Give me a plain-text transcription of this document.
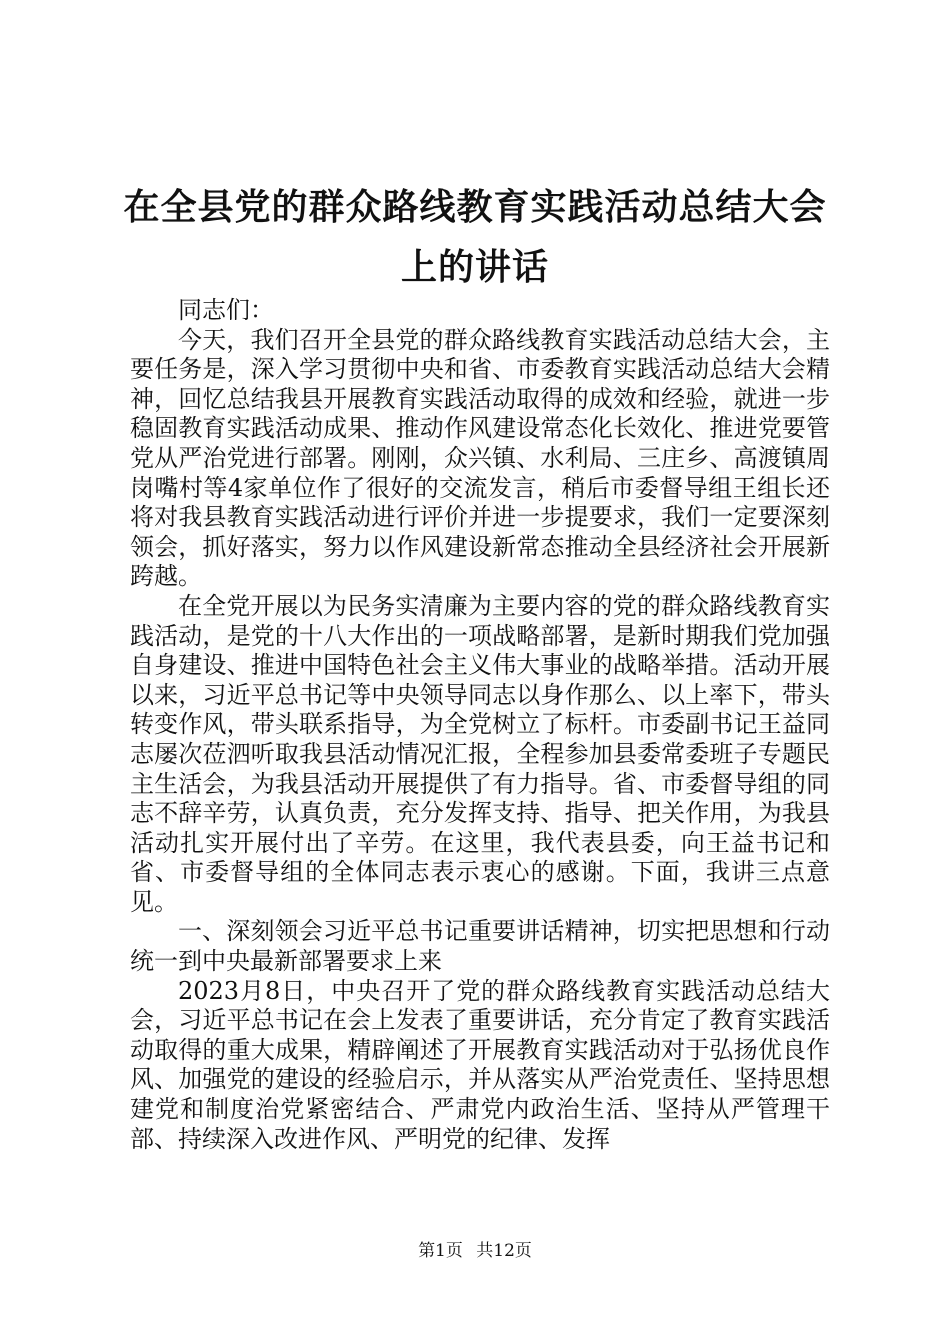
在全县党的群众路线教育实践活动总结大会上的讲话

同志们：

今天，我们召开全县党的群众路线教育实践活动总结大会，主要任务是，深入学习贯彻中央和省、市委教育实践活动总结大会精神，回忆总结我县开展教育实践活动取得的成效和经验，就进一步稳固教育实践活动成果、推动作风建设常态化长效化、推进党要管党从严治党进行部署。刚刚，众兴镇、水利局、三庄乡、高渡镇周岗嘴村等4家单位作了很好的交流发言，稍后市委督导组王组长还将对我县教育实践活动进行评价并进一步提要求，我们一定要深刻领会，抓好落实，努力以作风建设新常态推动全县经济社会开展新跨越。

在全党开展以为民务实清廉为主要内容的党的群众路线教育实践活动，是党的十八大作出的一项战略部署，是新时期我们党加强自身建设、推进中国特色社会主义伟大事业的战略举措。活动开展以来，习近平总书记等中央领导同志以身作那么、以上率下，带头转变作风，带头联系指导，为全党树立了标杆。市委副书记王益同志屡次莅泗听取我县活动情况汇报，全程参加县委常委班子专题民主生活会，为我县活动开展提供了有力指导。省、市委督导组的同志不辞辛劳，认真负责，充分发挥支持、指导、把关作用，为我县活动扎实开展付出了辛劳。在这里，我代表县委，向王益书记和省、市委督导组的全体同志表示衷心的感谢。下面，我讲三点意见。

一、深刻领会习近平总书记重要讲话精神，切实把思想和行动统一到中央最新部署要求上来

2023月8日，中央召开了党的群众路线教育实践活动总结大会，习近平总书记在会上发表了重要讲话，充分肯定了教育实践活动取得的重大成果，精辟阐述了开展教育实践活动对于弘扬优良作风、加强党的建设的经验启示，并从落实从严治党责任、坚持思想建党和制度治党紧密结合、严肃党内政治生活、坚持从严管理干部、持续深入改进作风、严明党的纪律、发挥

第1页 共12页
